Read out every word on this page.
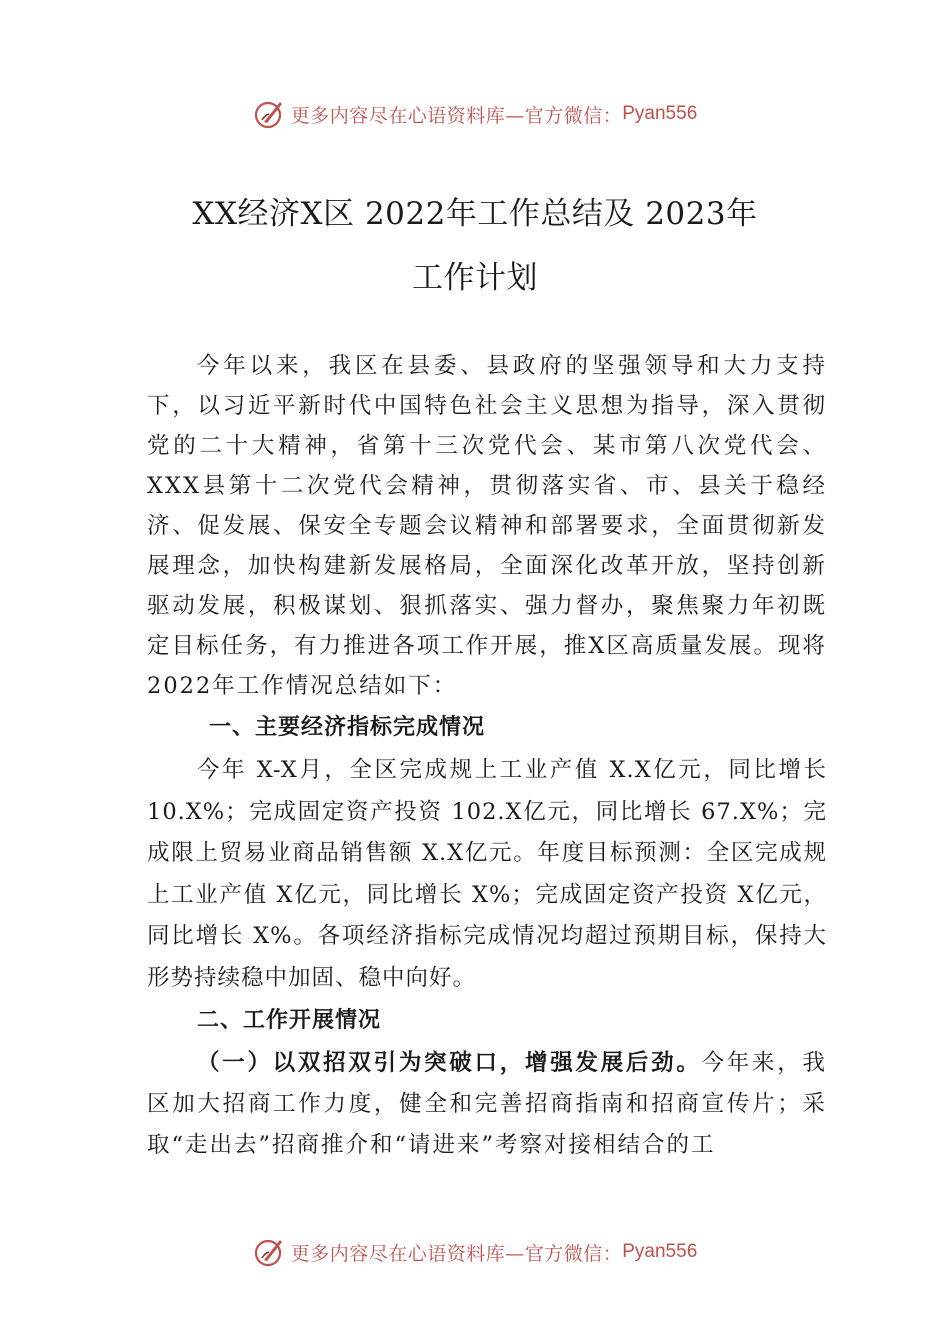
更多内容尽在心语资料库—官方微信： Pyan556
XX经济X区 2022年工作总结及 2023年
工作计划

今年以来，我区在县委、县政府的坚强领导和大力支持下，以习近平新时代中国特色社会主义思想为指导，深入贯彻党的二十大精神，省第十三次党代会、某市第八次党代会、XXX县第十二次党代会精神，贯彻落实省、市、县关于稳经济、促发展、保安全专题会议精神和部署要求，全面贯彻新发展理念，加快构建新发展格局，全面深化改革开放，坚持创新驱动发展，积极谋划、狠抓落实、强力督办，聚焦聚力年初既定目标任务，有力推进各项工作开展，推X区高质量发展。现将 2022年工作情况总结如下：

一、主要经济指标完成情况

今年 X-X月，全区完成规上工业产值 X.X亿元，同比增长 10.X%；完成固定资产投资 102.X亿元，同比增长 67.X%；完成限上贸易业商品销售额 X.X亿元。年度目标预测：全区完成规上工业产值 X亿元，同比增长 X%；完成固定资产投资 X亿元，同比增长 X%。各项经济指标完成情况均超过预期目标，保持大形势持续稳中加固、稳中向好。

二、工作开展情况

（一）以双招双引为突破口，增强发展后劲。今年来，我区加大招商工作力度，健全和完善招商指南和招商宣传片；采取“走出去”招商推介和“请进来”考察对接相结合的工

更多内容尽在心语资料库—官方微信： Pyan556
